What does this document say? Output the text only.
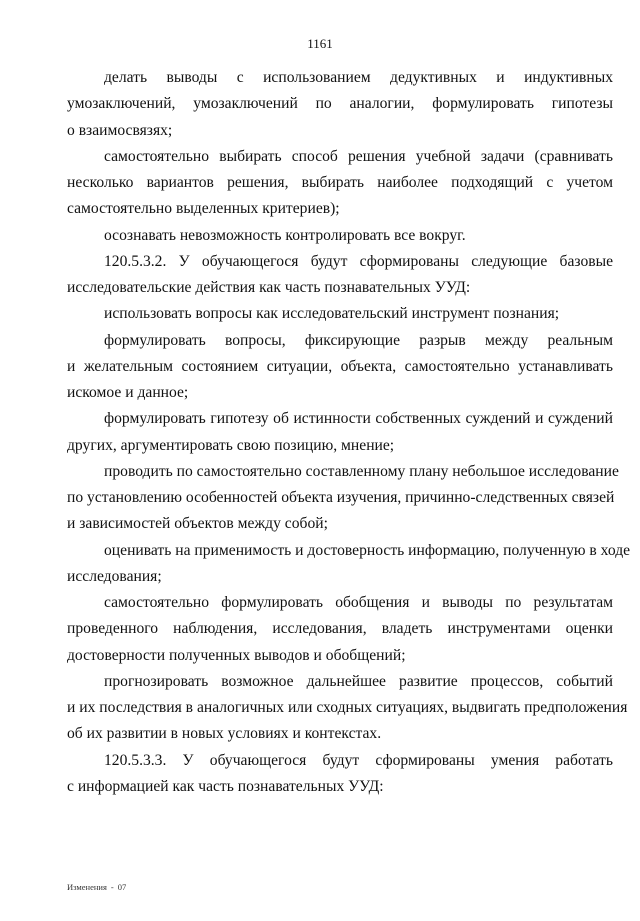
1161
делать выводы с использованием дедуктивных и индуктивных
умозаключений, умозаключений по аналогии, формулировать гипотезы
о взаимосвязях;
самостоятельно выбирать способ решения учебной задачи (сравнивать
несколько вариантов решения, выбирать наиболее подходящий с учетом
самостоятельно выделенных критериев);
осознавать невозможность контролировать все вокруг.
120.5.3.2. У обучающегося будут сформированы следующие базовые
исследовательские действия как часть познавательных УУД:
использовать вопросы как исследовательский инструмент познания;
формулировать вопросы, фиксирующие разрыв между реальным
и желательным состоянием ситуации, объекта, самостоятельно устанавливать
искомое и данное;
формулировать гипотезу об истинности собственных суждений и суждений
других, аргументировать свою позицию, мнение;
проводить по самостоятельно составленному плану небольшое исследование
по установлению особенностей объекта изучения, причинно-следственных связей
и зависимостей объектов между собой;
оценивать на применимость и достоверность информацию, полученную в ходе
исследования;
самостоятельно формулировать обобщения и выводы по результатам
проведенного наблюдения, исследования, владеть инструментами оценки
достоверности полученных выводов и обобщений;
прогнозировать возможное дальнейшее развитие процессов, событий
и их последствия в аналогичных или сходных ситуациях, выдвигать предположения
об их развитии в новых условиях и контекстах.
120.5.3.3. У обучающегося будут сформированы умения работать
с информацией как часть познавательных УУД:
Изменения - 07
